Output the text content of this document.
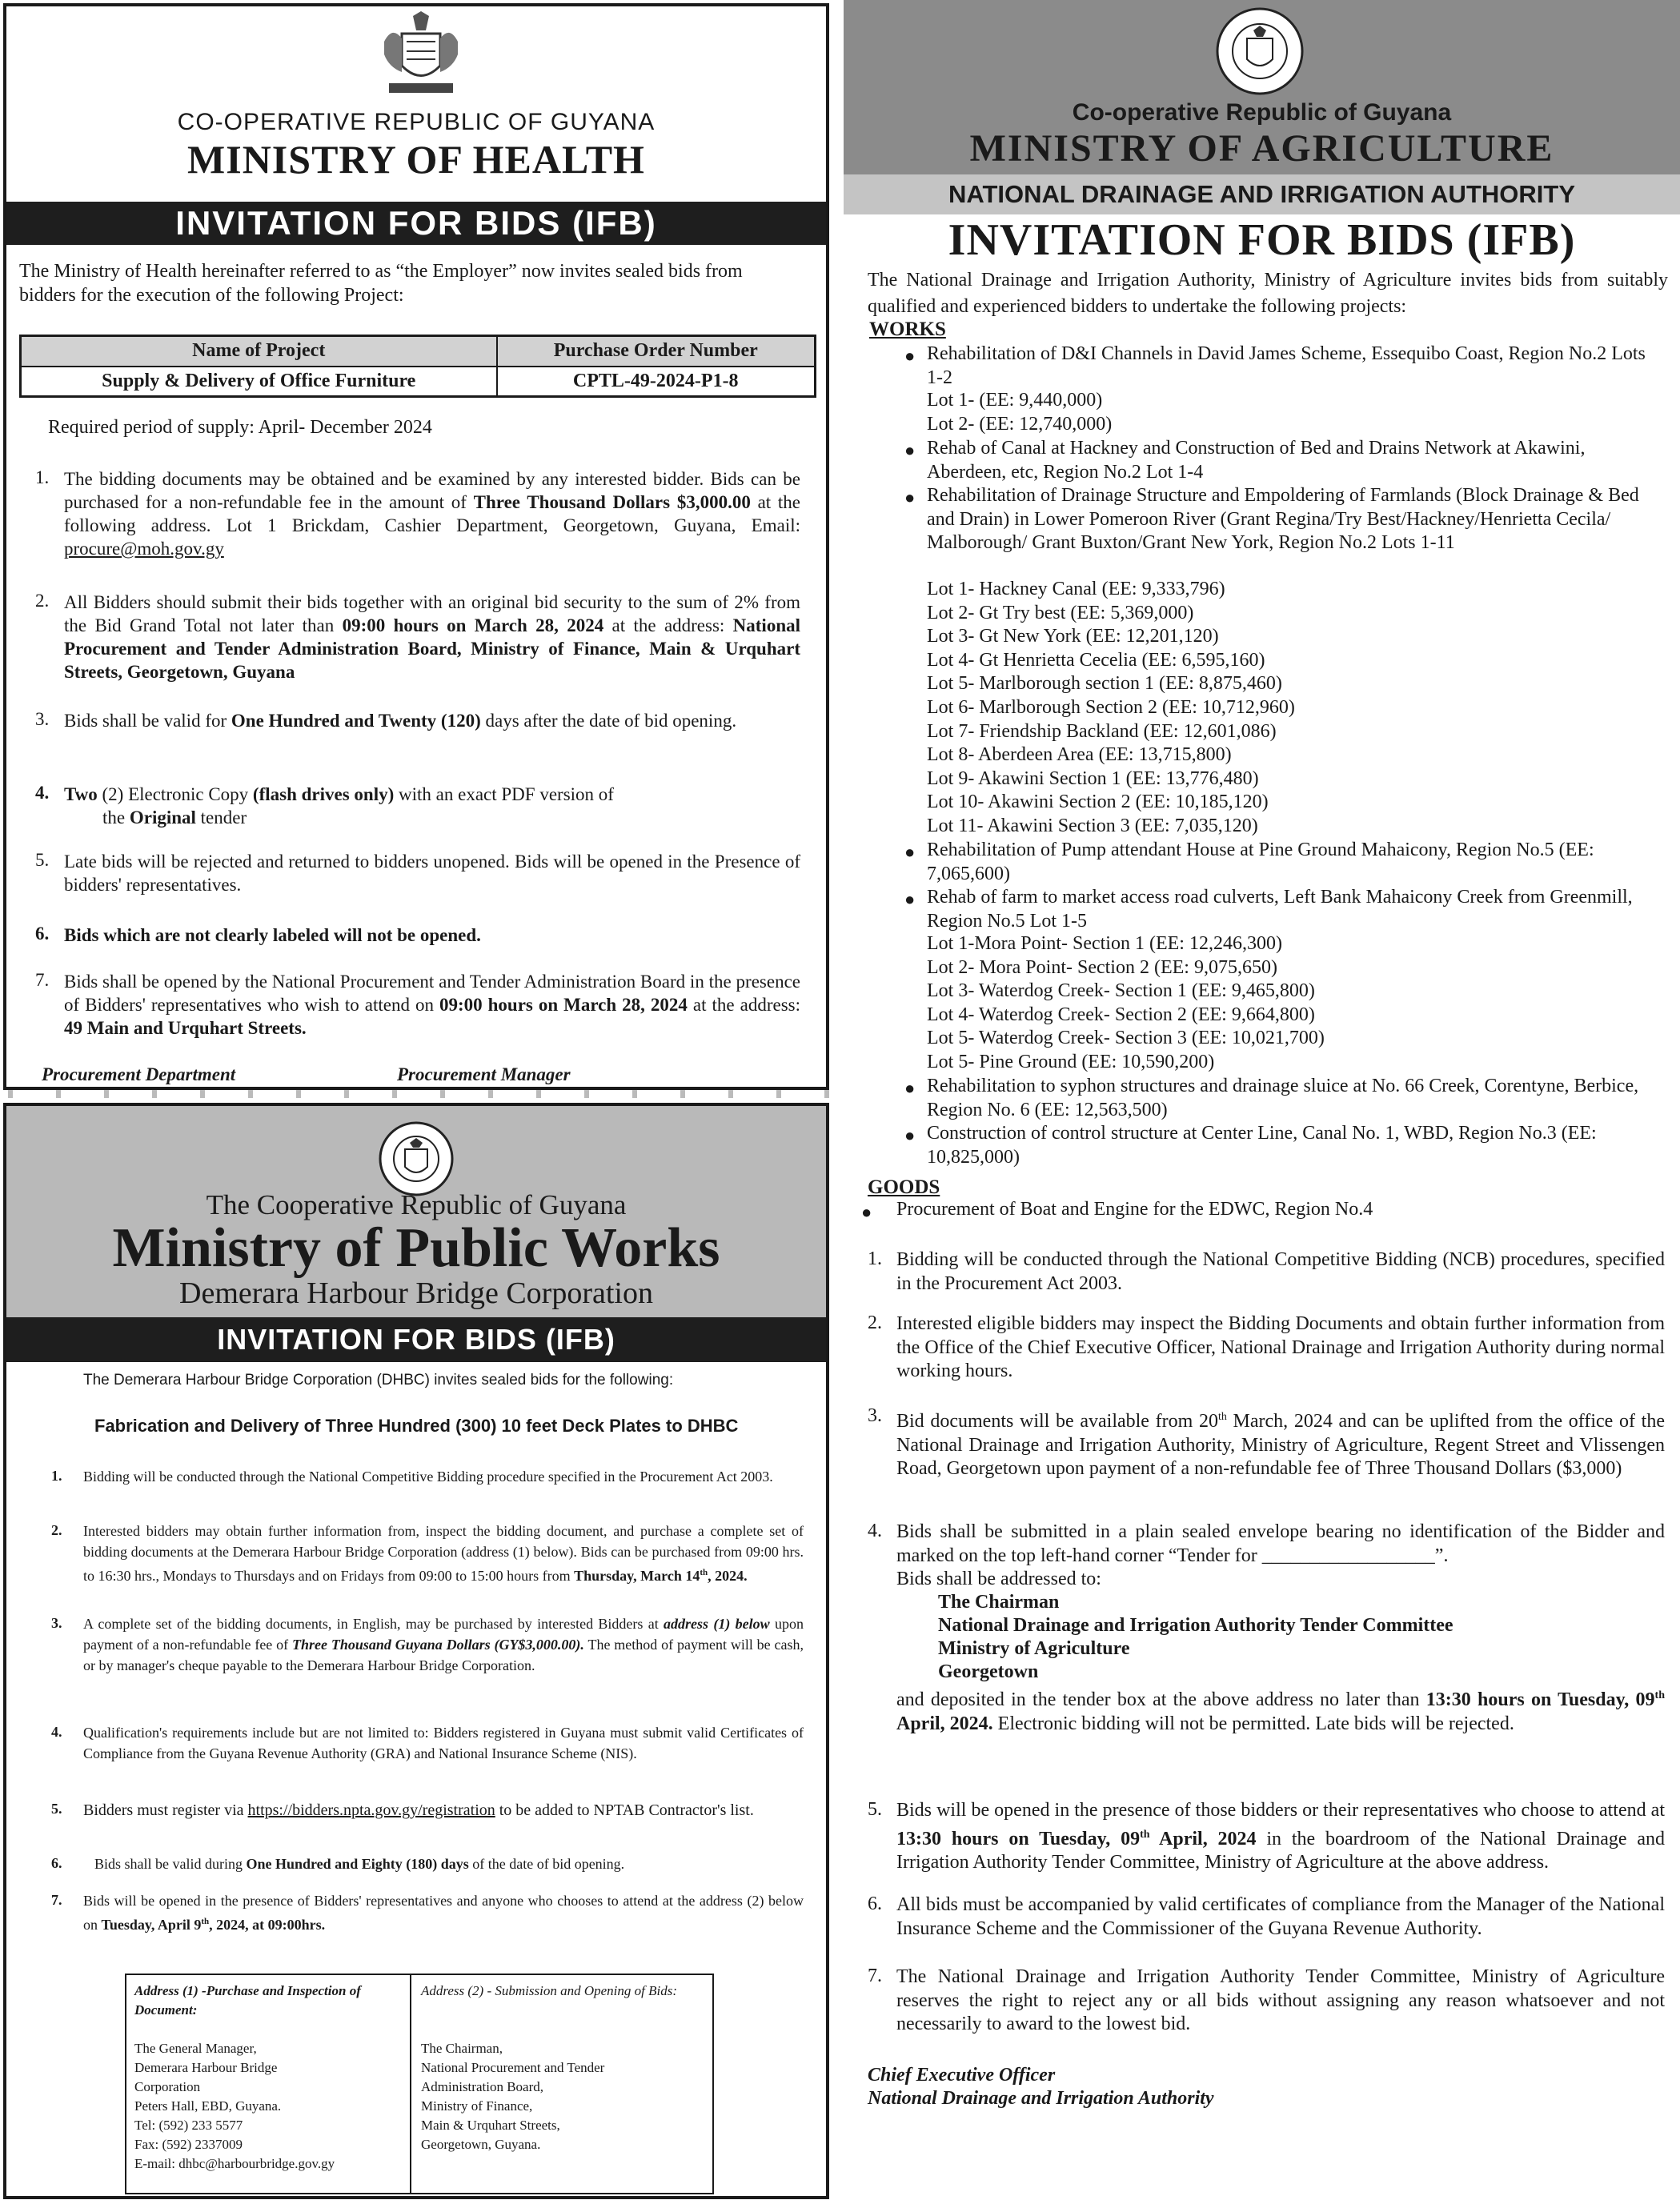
CO-OPERATIVE REPUBLIC OF GUYANA
MINISTRY OF HEALTH
INVITATION FOR BIDS (IFB)
The Ministry of Health hereinafter referred to as “the Employer” now invites sealed bids from bidders for the execution of the following Project:
Name of Project	Purchase Order Number
Supply & Delivery of Office Furniture	CPTL-49-2024-P1-8
Required period of supply: April- December 2024
1. The bidding documents may be obtained and be examined by any interested bidder. Bids can be purchased for a non-refundable fee in the amount of Three Thousand Dollars $3,000.00 at the following address. Lot 1 Brickdam, Cashier Department, Georgetown, Guyana, Email: procure@moh.gov.gy
2. All Bidders should submit their bids together with an original bid security to the sum of 2% from the Bid Grand Total not later than 09:00 hours on March 28, 2024 at the address: National Procurement and Tender Administration Board, Ministry of Finance, Main & Urquhart Streets, Georgetown, Guyana
3. Bids shall be valid for One Hundred and Twenty (120) days after the date of bid opening.
4. Two (2) Electronic Copy (flash drives only) with an exact PDF version of
the Original tender
5. Late bids will be rejected and returned to bidders unopened. Bids will be opened in the Presence of bidders' representatives.
6. Bids which are not clearly labeled will not be opened.
7. Bids shall be opened by the National Procurement and Tender Administration Board in the presence of Bidders' representatives who wish to attend on 09:00 hours on March 28, 2024 at the address: 49 Main and Urquhart Streets.
Procurement Department	Procurement Manager
Co-operative Republic of Guyana
MINISTRY OF AGRICULTURE
NATIONAL DRAINAGE AND IRRIGATION AUTHORITY
INVITATION FOR BIDS (IFB)
The National Drainage and Irrigation Authority, Ministry of Agriculture invites bids from suitably qualified and experienced bidders to undertake the following projects:
WORKS
● Rehabilitation of D&I Channels in David James Scheme, Essequibo Coast, Region No.2 Lots 1-2
Lot 1- (EE: 9,440,000)
Lot 2- (EE: 12,740,000)
● Rehab of Canal at Hackney and Construction of Bed and Drains Network at Akawini, Aberdeen, etc, Region No.2 Lot 1-4
● Rehabilitation of Drainage Structure and Empoldering of Farmlands (Block Drainage & Bed and Drain) in Lower Pomeroon River (Grant Regina/Try Best/Hackney/Henrietta Cecila/ Malborough/ Grant Buxton/Grant New York, Region No.2 Lots 1-11
Lot 1- Hackney Canal (EE: 9,333,796)
Lot 2- Gt Try best (EE: 5,369,000)
Lot 3- Gt New York (EE: 12,201,120)
Lot 4- Gt Henrietta Cecelia (EE: 6,595,160)
Lot 5- Marlborough section 1 (EE: 8,875,460)
Lot 6- Marlborough Section 2 (EE: 10,712,960)
Lot 7- Friendship Backland (EE: 12,601,086)
Lot 8- Aberdeen Area (EE: 13,715,800)
Lot 9- Akawini Section 1 (EE: 13,776,480)
Lot 10- Akawini Section 2 (EE: 10,185,120)
Lot 11- Akawini Section 3 (EE: 7,035,120)
● Rehabilitation of Pump attendant House at Pine Ground Mahaicony, Region No.5 (EE: 7,065,600)
● Rehab of farm to market access road culverts, Left Bank Mahaicony Creek from Greenmill, Region No.5 Lot 1-5
Lot 1-Mora Point- Section 1 (EE: 12,246,300)
Lot 2- Mora Point- Section 2 (EE: 9,075,650)
Lot 3- Waterdog Creek- Section 1 (EE: 9,465,800)
Lot 4- Waterdog Creek- Section 2 (EE: 9,664,800)
Lot 5- Waterdog Creek- Section 3 (EE: 10,021,700)
Lot 5- Pine Ground (EE: 10,590,200)
● Rehabilitation to syphon structures and drainage sluice at No. 66 Creek, Corentyne, Berbice, Region No. 6 (EE: 12,563,500)
● Construction of control structure at Center Line, Canal No. 1, WBD, Region No.3 (EE: 10,825,000)
GOODS
● Procurement of Boat and Engine for the EDWC, Region No.4
1. Bidding will be conducted through the National Competitive Bidding (NCB) procedures, specified in the Procurement Act 2003.
2. Interested eligible bidders may inspect the Bidding Documents and obtain further information from the Office of the Chief Executive Officer, National Drainage and Irrigation Authority during normal working hours.
3. Bid documents will be available from 20th March, 2024 and can be uplifted from the office of the National Drainage and Irrigation Authority, Ministry of Agriculture, Regent Street and Vlissengen Road, Georgetown upon payment of a non-refundable fee of Three Thousand Dollars ($3,000)
4. Bids shall be submitted in a plain sealed envelope bearing no identification of the Bidder and marked on the top left-hand corner “Tender for __________________”.
Bids shall be addressed to:
The Chairman
National Drainage and Irrigation Authority Tender Committee
Ministry of Agriculture
Georgetown
and deposited in the tender box at the above address no later than 13:30 hours on Tuesday, 09th April, 2024. Electronic bidding will not be permitted. Late bids will be rejected.
5. Bids will be opened in the presence of those bidders or their representatives who choose to attend at 13:30 hours on Tuesday, 09th April, 2024 in the boardroom of the National Drainage and Irrigation Authority Tender Committee, Ministry of Agriculture at the above address.
6. All bids must be accompanied by valid certificates of compliance from the Manager of the National Insurance Scheme and the Commissioner of the Guyana Revenue Authority.
7. The National Drainage and Irrigation Authority Tender Committee, Ministry of Agriculture reserves the right to reject any or all bids without assigning any reason whatsoever and not necessarily to award to the lowest bid.
Chief Executive Officer
National Drainage and Irrigation Authority
The Cooperative Republic of Guyana
Ministry of Public Works
Demerara Harbour Bridge Corporation
INVITATION FOR BIDS (IFB)
The Demerara Harbour Bridge Corporation (DHBC) invites sealed bids for the following:
Fabrication and Delivery of Three Hundred (300) 10 feet Deck Plates to DHBC
1. Bidding will be conducted through the National Competitive Bidding procedure specified in the Procurement Act 2003.
2. Interested bidders may obtain further information from, inspect the bidding document, and purchase a complete set of bidding documents at the Demerara Harbour Bridge Corporation (address (1) below). Bids can be purchased from 09:00 hrs. to 16:30 hrs., Mondays to Thursdays and on Fridays from 09:00 to 15:00 hours from Thursday, March 14th, 2024.
3. A complete set of the bidding documents, in English, may be purchased by interested Bidders at address (1) below upon payment of a non-refundable fee of Three Thousand Guyana Dollars (GY$3,000.00). The method of payment will be cash, or by manager's cheque payable to the Demerara Harbour Bridge Corporation.
4. Qualification's requirements include but are not limited to: Bidders registered in Guyana must submit valid Certificates of Compliance from the Guyana Revenue Authority (GRA) and National Insurance Scheme (NIS).
5. Bidders must register via https://bidders.npta.gov.gy/registration to be added to NPTAB Contractor's list.
6. Bids shall be valid during One Hundred and Eighty (180) days of the date of bid opening.
7. Bids will be opened in the presence of Bidders' representatives and anyone who chooses to attend at the address (2) below on Tuesday, April 9th, 2024, at 09:00hrs.
Address (1) -Purchase and Inspection of Document:
The General Manager,
Demerara Harbour Bridge
Corporation
Peters Hall, EBD, Guyana.
Tel: (592) 233 5577
Fax: (592) 2337009
E-mail: dhbc@harbourbridge.gov.gy
Address (2) - Submission and Opening of Bids:
The Chairman,
National Procurement and Tender
Administration Board,
Ministry of Finance,
Main & Urquhart Streets,
Georgetown, Guyana.
